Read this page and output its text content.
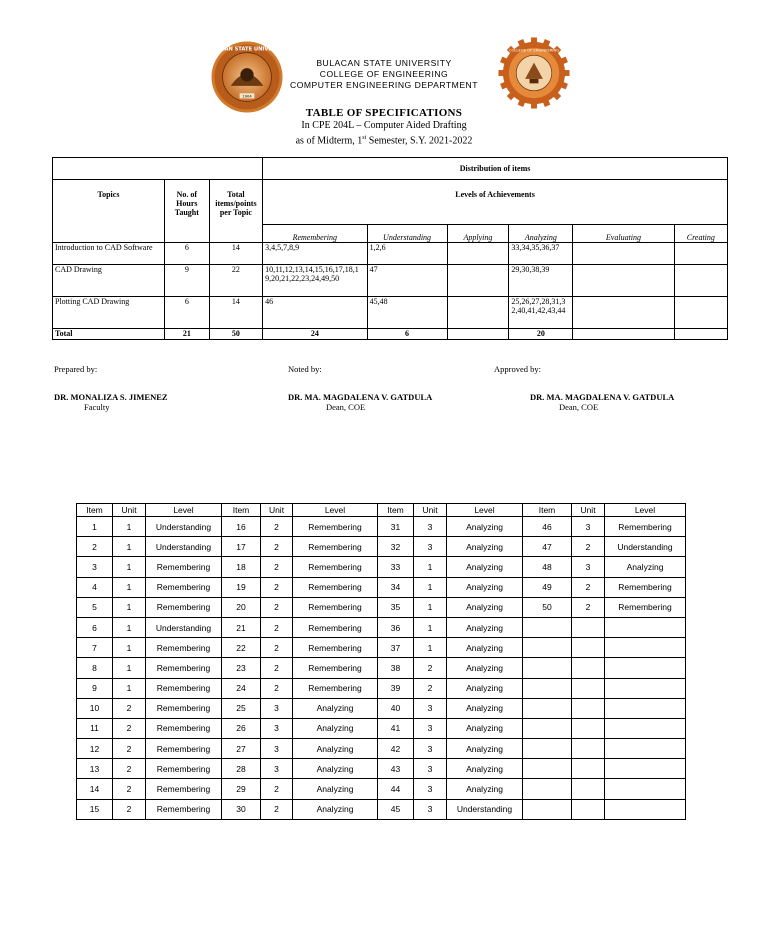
BULACAN STATE UNIVERSITY
1904
BULACAN STATE UNIVERSITY
COLLEGE OF ENGINEERING
COMPUTER ENGINEERING DEPARTMENT
COLLEGE OF ENGINEERING
TABLE OF SPECIFICATIONS
In CPE 204L – Computer Aided Drafting
as of Midterm, 1st Semester, S.Y. 2021-2022
			Distribution of items					
Topics	No. of Hours Taught	Total items/points per Topic	Levels of Achievements					
			Remembering	Understanding	Applying	Analyzing	Evaluating	Creating
Introduction to CAD Software	6	14	3,4,5,7,8,9	1,2,6		33,34,35,36,37		
CAD Drawing	9	22	10,11,12,13,14,15,16,17,18,19,20,21,22,23,24,49,50	47		29,30,38,39		
Plotting CAD Drawing	6	14	46	45,48		25,26,27,28,31,32,40,41,42,43,44		
Total	21	50	24	6		20		
Prepared by:
DR. MONALIZA S. JIMENEZ
Faculty
Noted by:
DR. MA. MAGDALENA V. GATDULA
Dean, COE
Approved by:
DR. MA. MAGDALENA V. GATDULA
Dean, COE
Item	Unit	Level	Item	Unit	Level	Item	Unit	Level	Item	Unit	Level
1	1	Understanding	16	2	Remembering	31	3	Analyzing	46	3	Remembering
2	1	Understanding	17	2	Remembering	32	3	Analyzing	47	2	Understanding
3	1	Remembering	18	2	Remembering	33	1	Analyzing	48	3	Analyzing
4	1	Remembering	19	2	Remembering	34	1	Analyzing	49	2	Remembering
5	1	Remembering	20	2	Remembering	35	1	Analyzing	50	2	Remembering
6	1	Understanding	21	2	Remembering	36	1	Analyzing			
7	1	Remembering	22	2	Remembering	37	1	Analyzing			
8	1	Remembering	23	2	Remembering	38	2	Analyzing			
9	1	Remembering	24	2	Remembering	39	2	Analyzing			
10	2	Remembering	25	3	Analyzing	40	3	Analyzing			
11	2	Remembering	26	3	Analyzing	41	3	Analyzing			
12	2	Remembering	27	3	Analyzing	42	3	Analyzing			
13	2	Remembering	28	3	Analyzing	43	3	Analyzing			
14	2	Remembering	29	2	Analyzing	44	3	Analyzing			
15	2	Remembering	30	2	Analyzing	45	3	Understanding			
